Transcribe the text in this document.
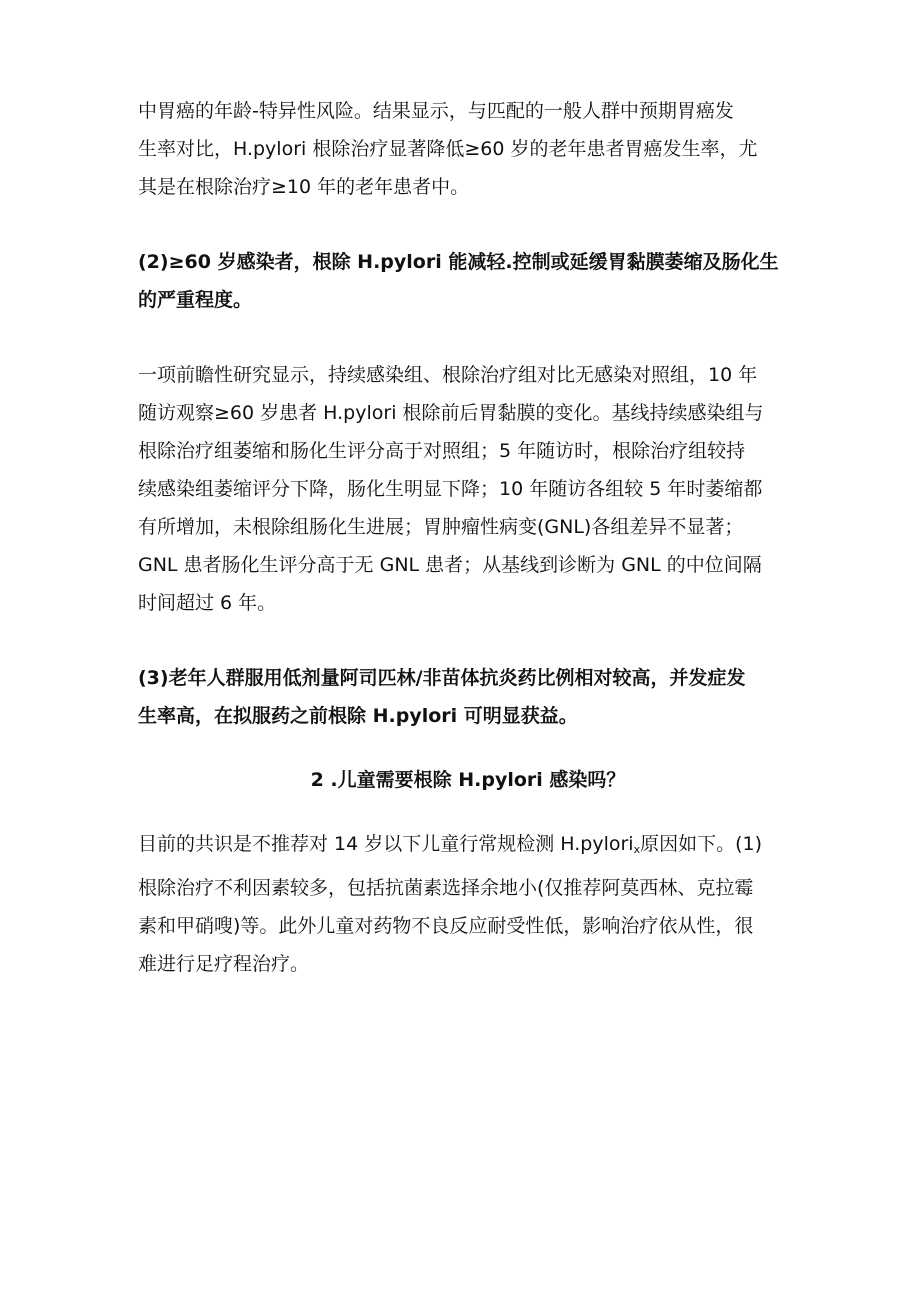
中胃癌的年龄-特异性风险。结果显示，与匹配的一般人群中预期胃癌发
生率对比，H.pylori 根除治疗显著降低≥60 岁的老年患者胃癌发生率，尤
其是在根除治疗≥10 年的老年患者中。

(2)≥60 岁感染者，根除 H.pylori 能减轻.控制或延缓胃黏膜萎缩及肠化生
的严重程度。

一项前瞻性研究显示，持续感染组、根除治疗组对比无感染对照组，10 年
随访观察≥60 岁患者 H.pylori 根除前后胃黏膜的变化。基线持续感染组与
根除治疗组萎缩和肠化生评分高于对照组；5 年随访时，根除治疗组较持
续感染组萎缩评分下降，肠化生明显下降；10 年随访各组较 5 年时萎缩都
有所增加，未根除组肠化生进展；胃肿瘤性病变(GNL)各组差异不显著；
GNL 患者肠化生评分高于无 GNL 患者；从基线到诊断为 GNL 的中位间隔
时间超过 6 年。

(3)老年人群服用低剂量阿司匹林/非苗体抗炎药比例相对较高，并发症发
生率高，在拟服药之前根除 H.pylori 可明显获益。

2 .儿童需要根除 H.pylori 感染吗？

目前的共识是不推荐对 14 岁以下儿童行常规检测 H.pylori$_x$原因如下。(1)
根除治疗不利因素较多，包括抗菌素选择余地小(仅推荐阿莫西林、克拉霉
素和甲硝嗖)等。此外儿童对药物不良反应耐受性低，影响治疗依从性，很
难进行足疗程治疗。
